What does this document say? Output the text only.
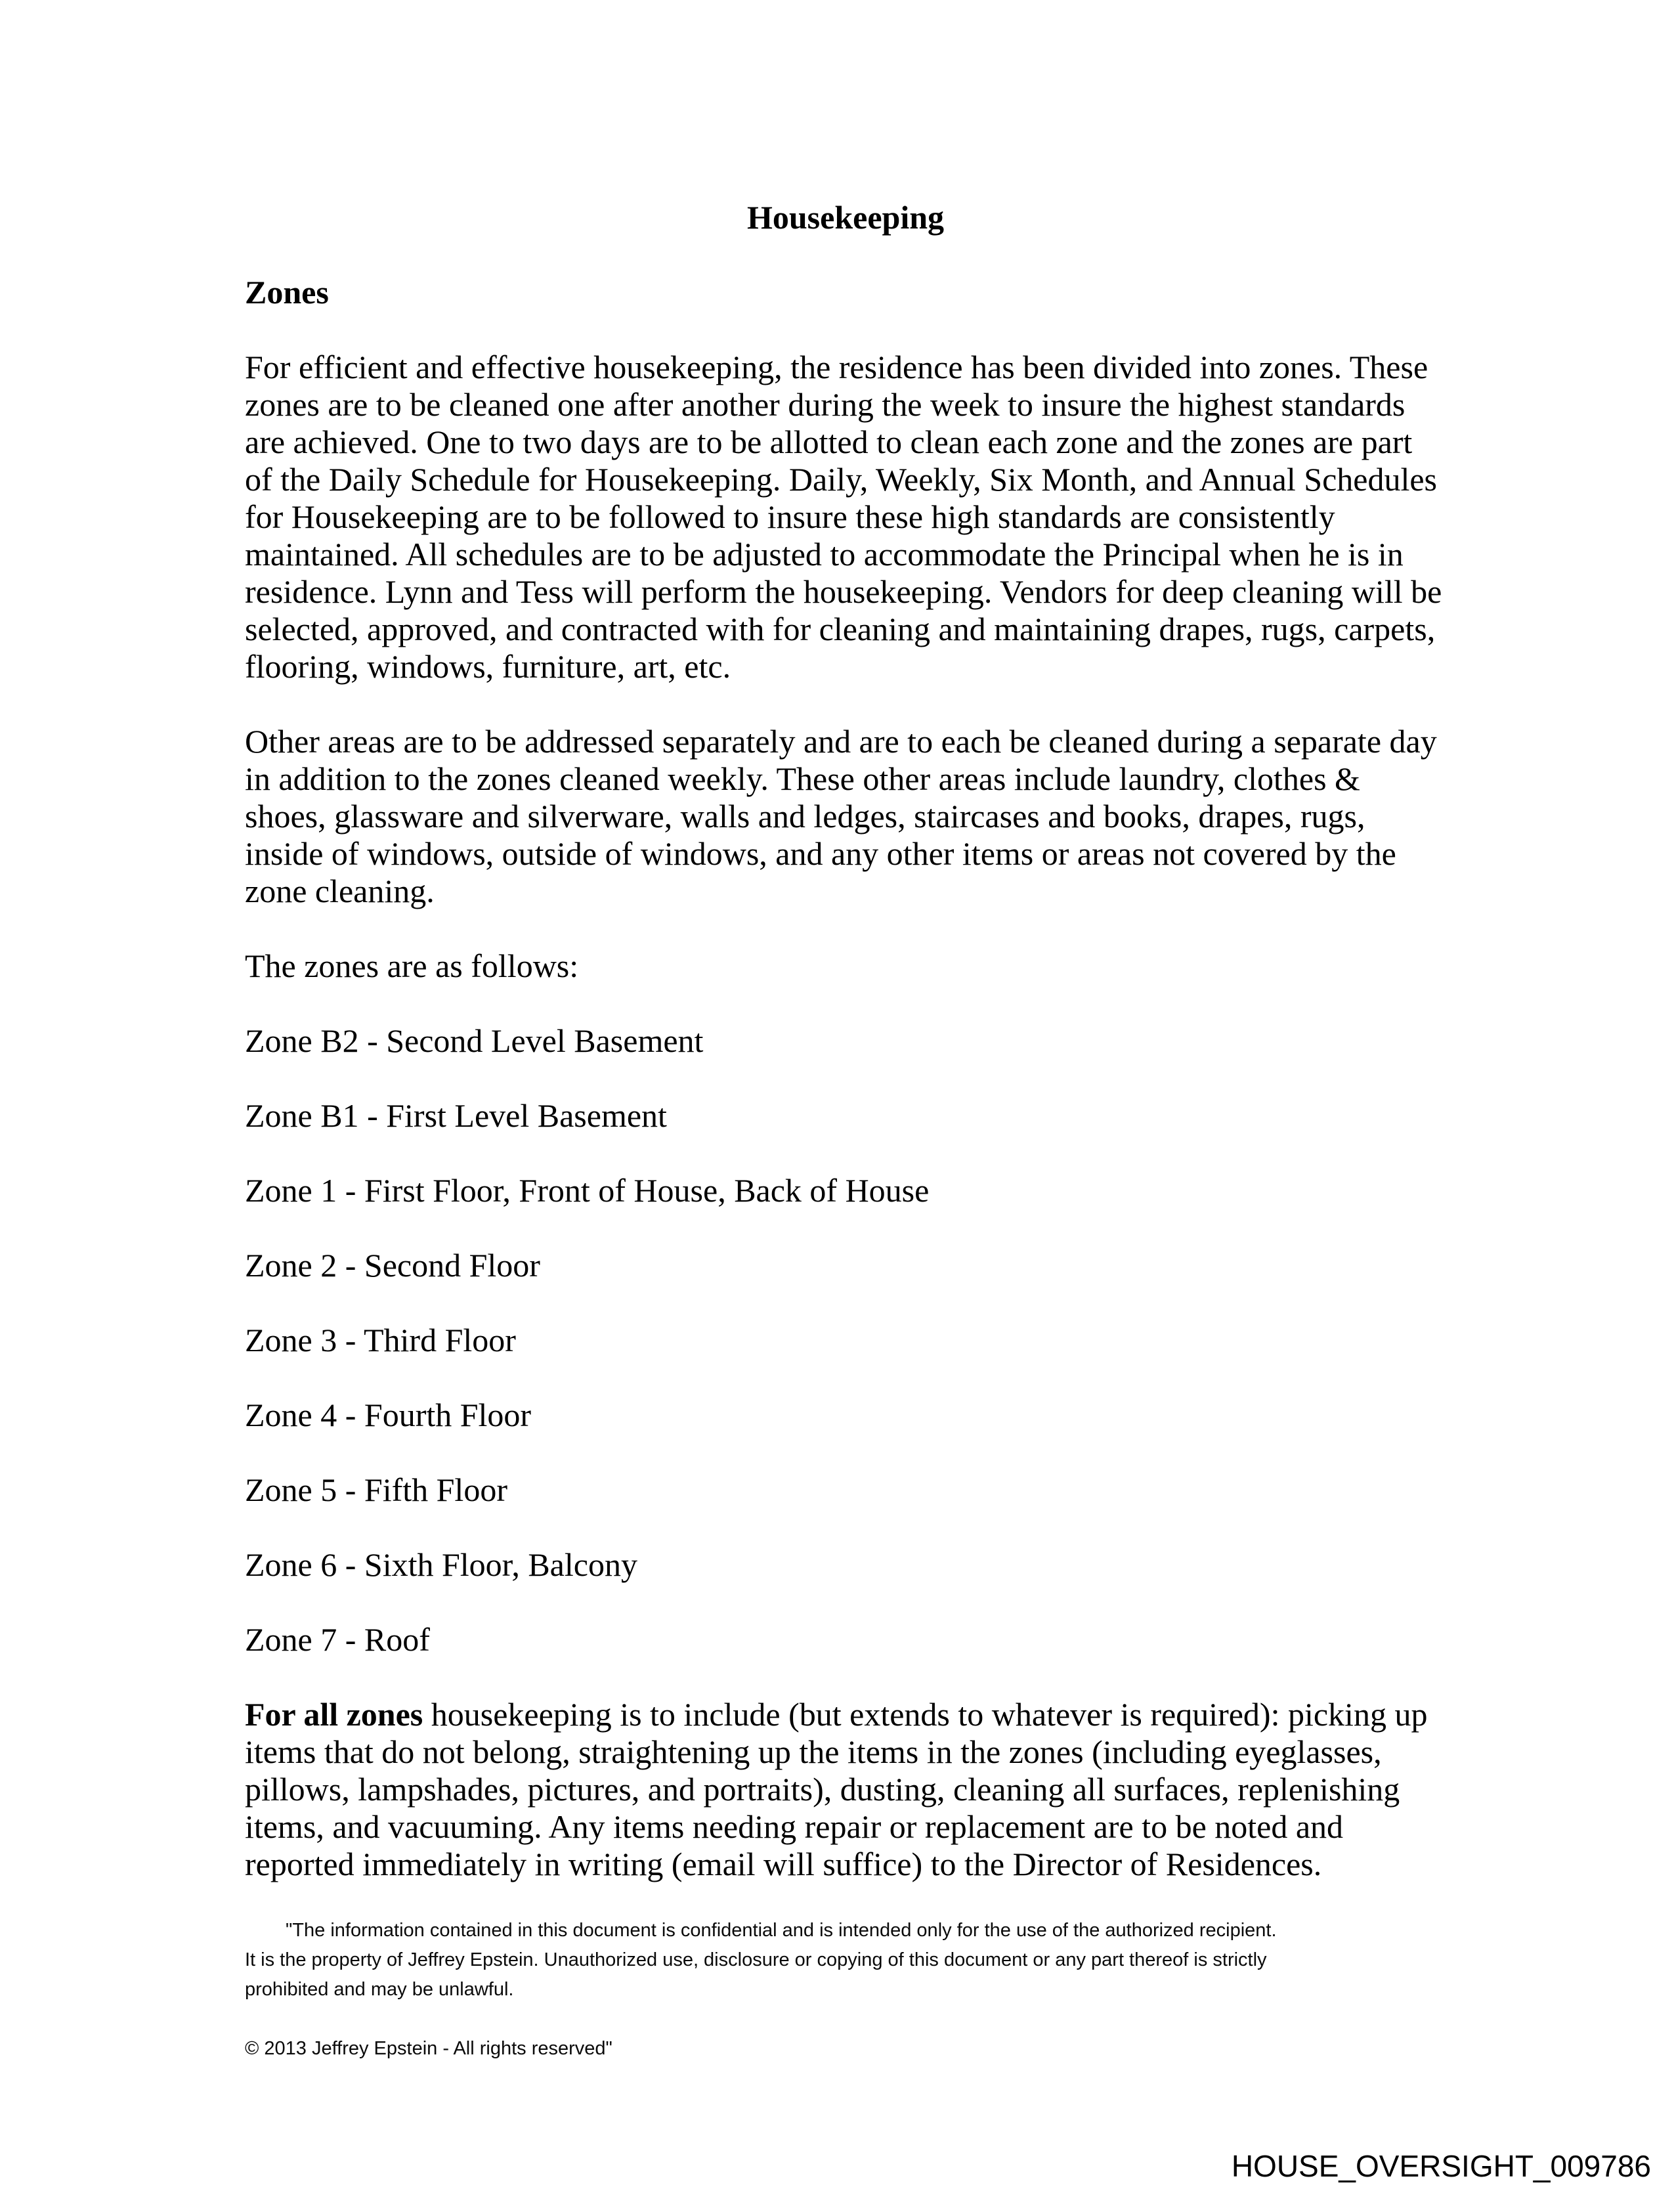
Housekeeping
Zones

For efficient and effective housekeeping, the residence has been divided into zones. These zones are to be cleaned one after another during the week to insure the highest standards are achieved. One to two days are to be allotted to clean each zone and the zones are part of the Daily Schedule for Housekeeping. Daily, Weekly, Six Month, and Annual Schedules for Housekeeping are to be followed to insure these high standards are consistently maintained. All schedules are to be adjusted to accommodate the Principal when he is in residence. Lynn and Tess will perform the housekeeping. Vendors for deep cleaning will be selected, approved, and contracted with for cleaning and maintaining drapes, rugs, carpets, flooring, windows, furniture, art, etc.

Other areas are to be addressed separately and are to each be cleaned during a separate day in addition to the zones cleaned weekly. These other areas include laundry, clothes & shoes, glassware and silverware, walls and ledges, staircases and books, drapes, rugs, inside of windows, outside of windows, and any other items or areas not covered by the zone cleaning.

The zones are as follows:

Zone B2 - Second Level Basement
Zone B1 - First Level Basement
Zone 1 - First Floor, Front of House, Back of House
Zone 2 - Second Floor
Zone 3 - Third Floor
Zone 4 - Fourth Floor
Zone 5 - Fifth Floor
Zone 6 - Sixth Floor, Balcony
Zone 7 - Roof

For all zones housekeeping is to include (but extends to whatever is required): picking up items that do not belong, straightening up the items in the zones (including eyeglasses, pillows, lampshades, pictures, and portraits), dusting, cleaning all surfaces, replenishing items, and vacuuming. Any items needing repair or replacement are to be noted and reported immediately in writing (email will suffice) to the Director of Residences.

"The information contained in this document is confidential and is intended only for the use of the authorized recipient.
It is the property of Jeffrey Epstein. Unauthorized use, disclosure or copying of this document or any part thereof is strictly
prohibited and may be unlawful.
© 2013 Jeffrey Epstein - All rights reserved"
HOUSE_OVERSIGHT_009786
